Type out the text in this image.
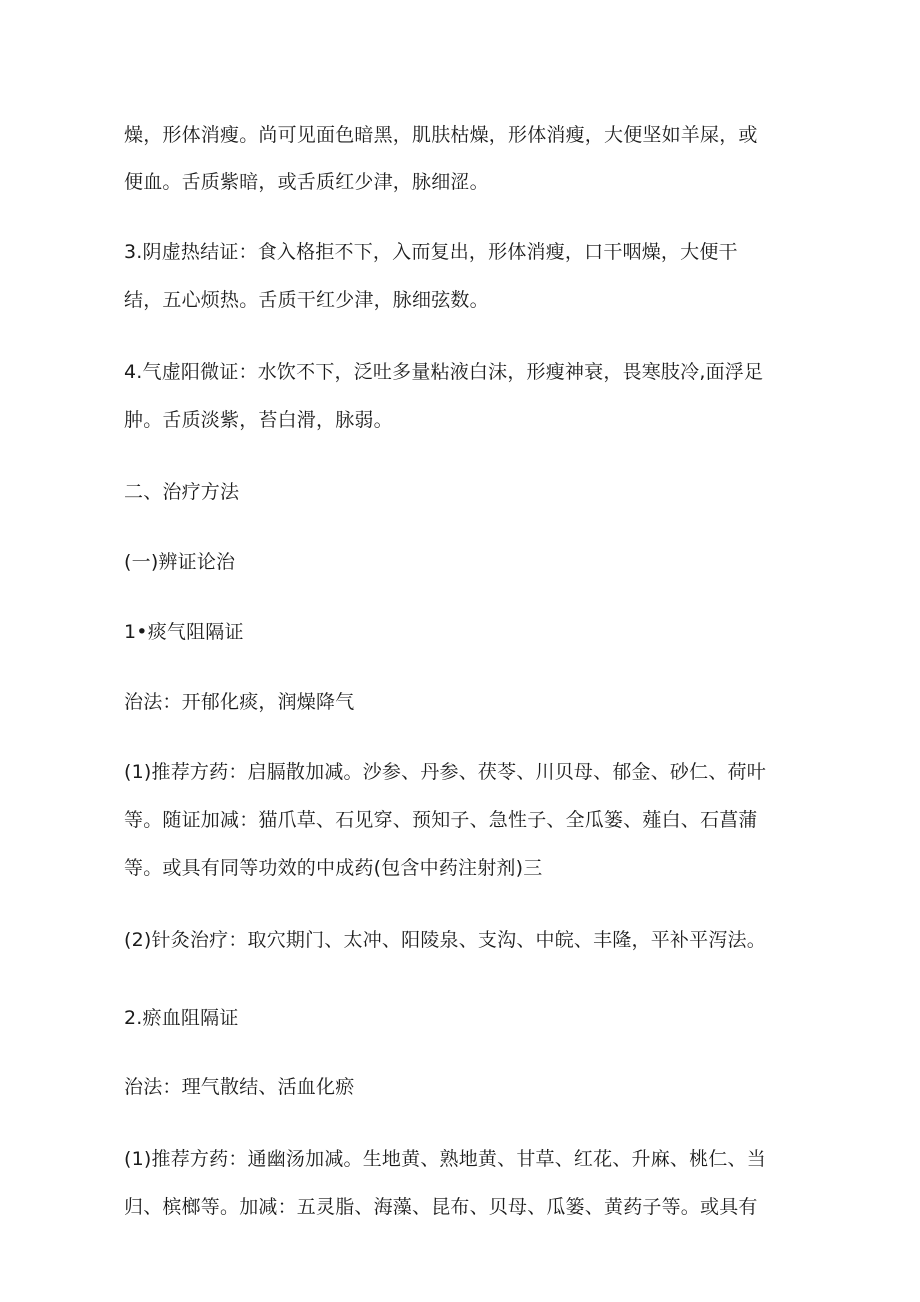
燥，形体消瘦。尚可见面色暗黑，肌肤枯燥，形体消瘦，大便坚如羊屎，或
便血。舌质紫暗，或舌质红少津，脉细涩。
3.阴虚热结证：食入格拒不下，入而复出，形体消瘦，口干咽燥，大便干
结，五心烦热。舌质干红少津，脉细弦数。
4.气虚阳微证：水饮不下，泛吐多量粘液白沫，形瘦神衰，畏寒肢冷,面浮足
肿。舌质淡紫，苔白滑，脉弱。
二、治疗方法
(一)辨证论治
1•痰气阻隔证
治法：开郁化痰，润燥降气
(1)推荐方药：启膈散加减。沙参、丹参、茯苓、川贝母、郁金、砂仁、荷叶
等。随证加减：猫爪草、石见穿、预知子、急性子、全瓜篓、薤白、石菖蒲
等。或具有同等功效的中成药(包含中药注射剂)三
(2)针灸治疗：取穴期门、太冲、阳陵泉、支沟、中皖、丰隆，平补平泻法。
2.瘀血阻隔证
治法：理气散结、活血化瘀
(1)推荐方药：通幽汤加减。生地黄、熟地黄、甘草、红花、升麻、桃仁、当
归、槟榔等。加减：五灵脂、海藻、昆布、贝母、瓜篓、黄药子等。或具有
